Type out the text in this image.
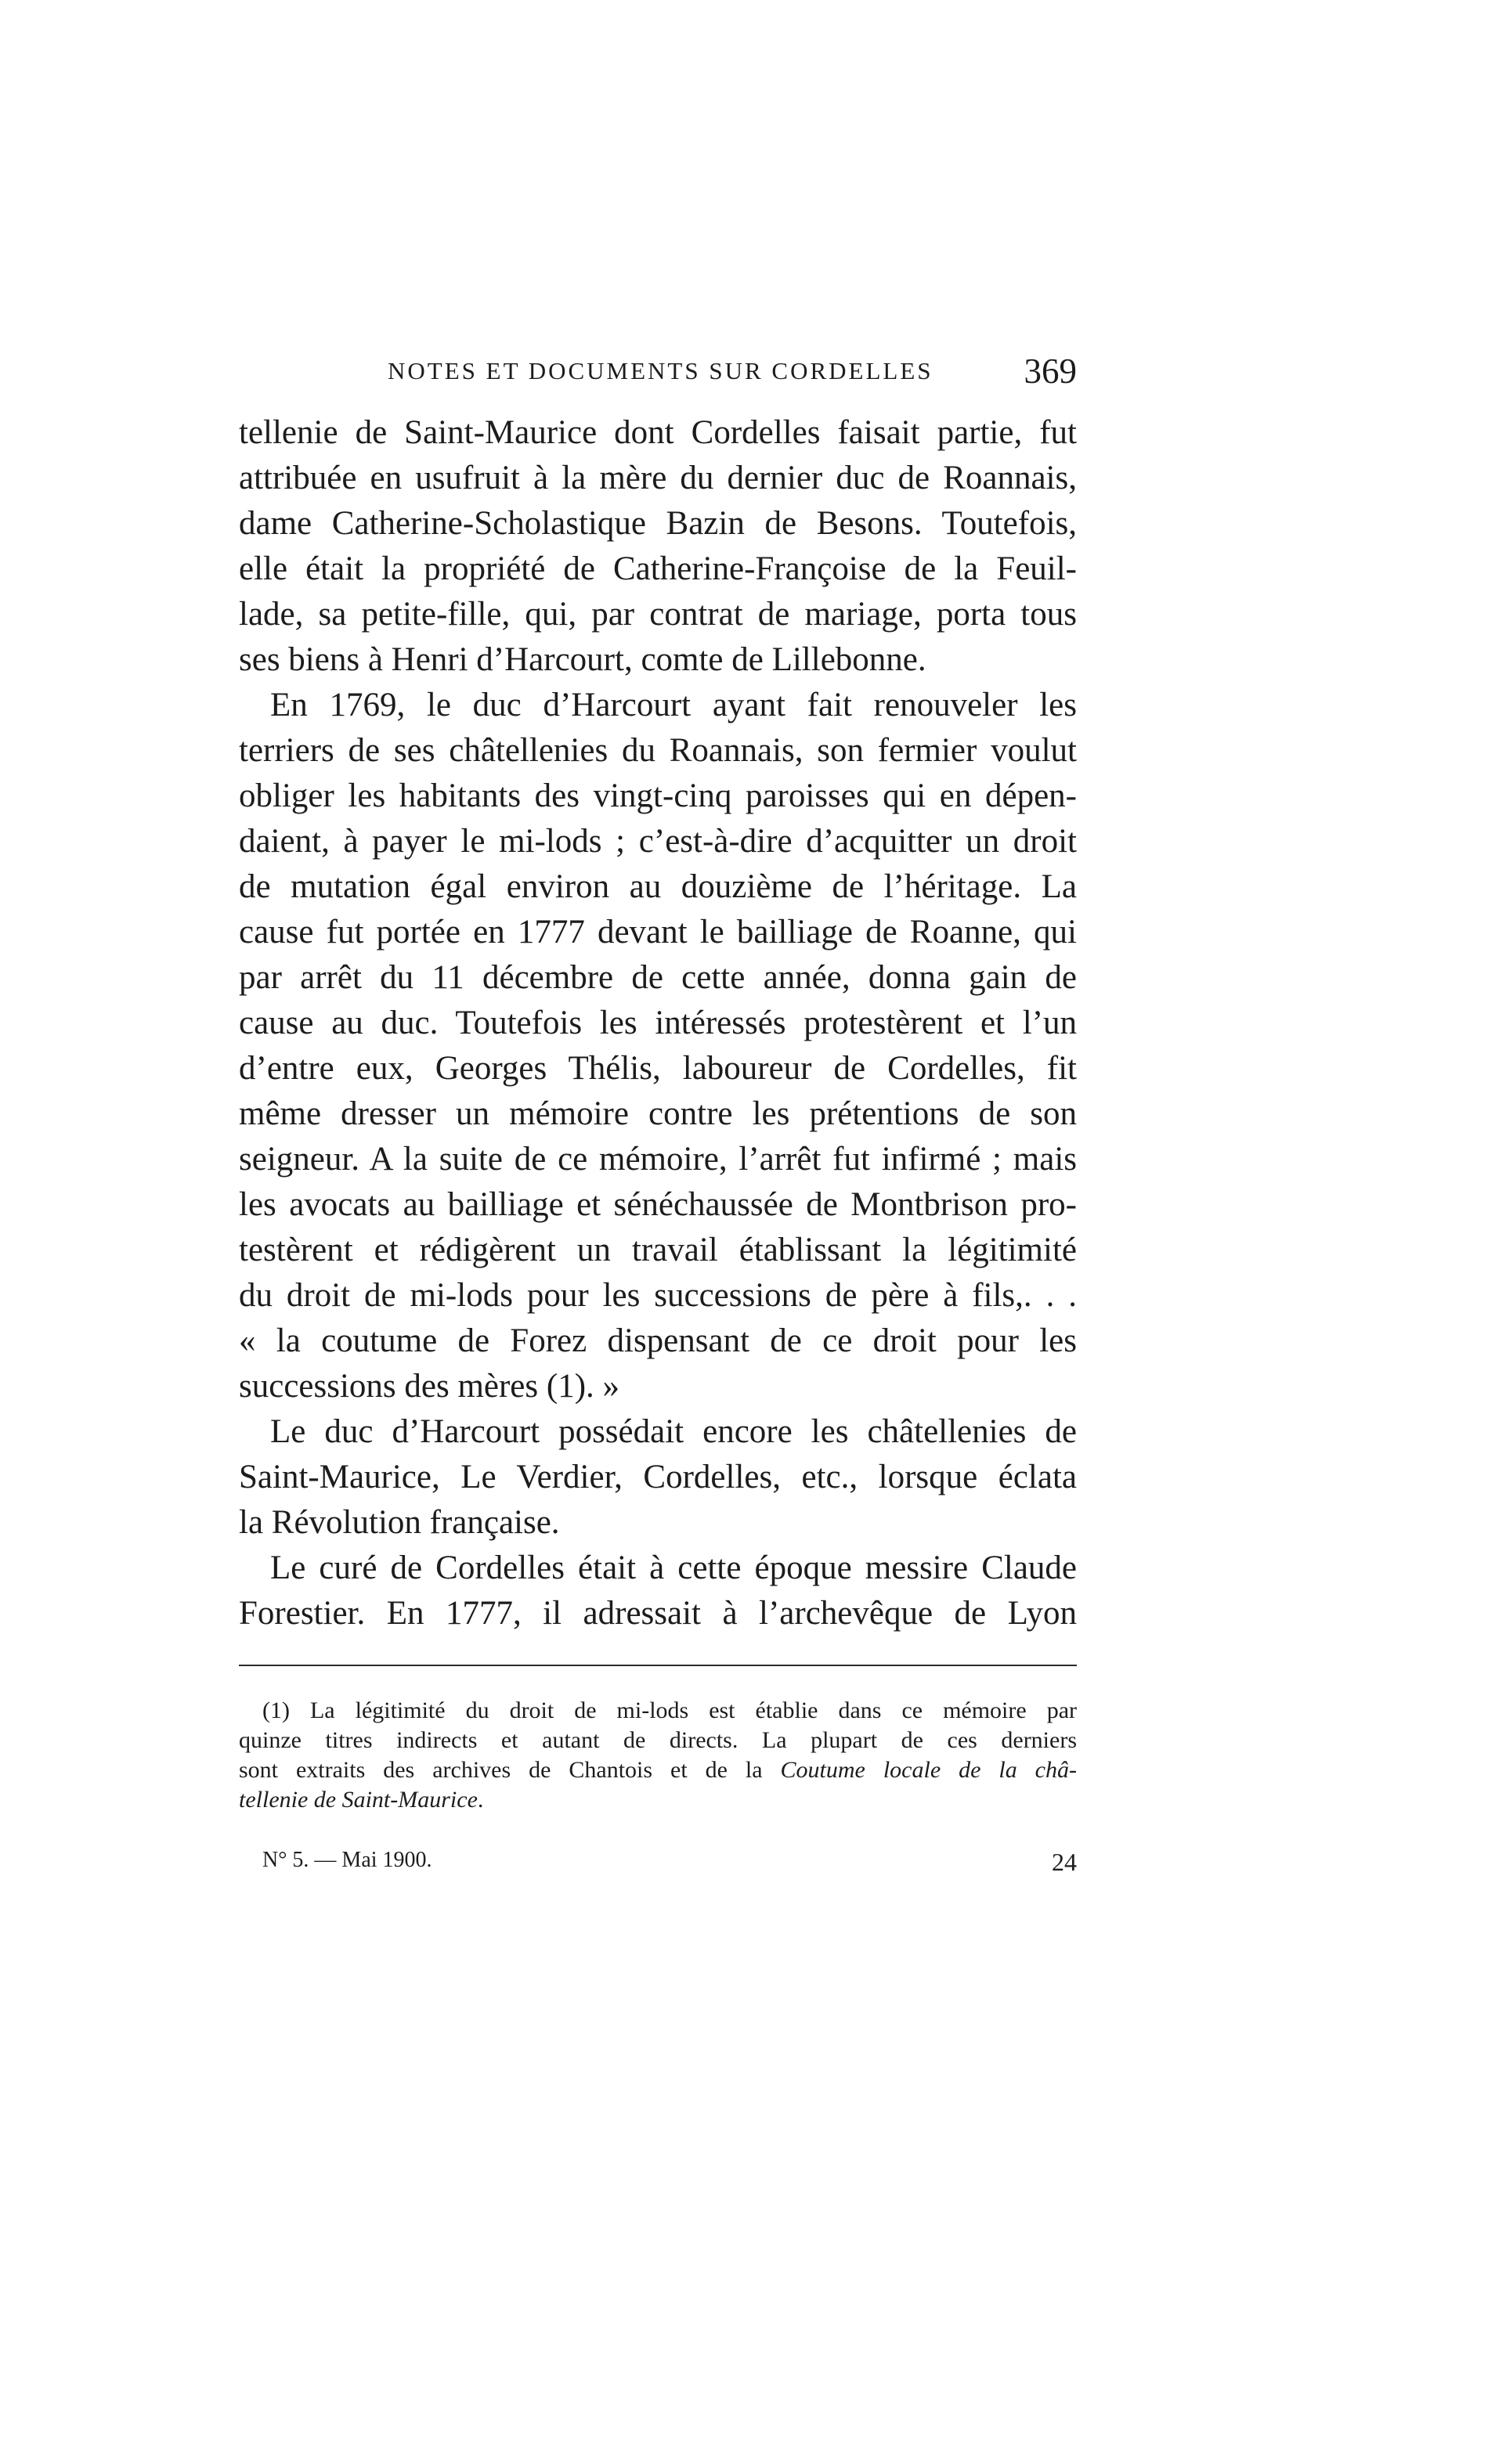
NOTES ET DOCUMENTS SUR CORDELLES	369
tellenie de Saint-Maurice dont Cordelles faisait partie, fut
attribuée en usufruit à la mère du dernier duc de Roannais,
dame Catherine-Scholastique Bazin de Besons. Toutefois,
elle était la propriété de Catherine-Françoise de la Feuil-
lade, sa petite-fille, qui, par contrat de mariage, porta tous
ses biens à Henri d’Harcourt, comte de Lillebonne.
En 1769, le duc d’Harcourt ayant fait renouveler les
terriers de ses châtellenies du Roannais, son fermier voulut
obliger les habitants des vingt-cinq paroisses qui en dépen-
daient, à payer le mi-lods ; c’est-à-dire d’acquitter un droit
de mutation égal environ au douzième de l’héritage. La
cause fut portée en 1777 devant le bailliage de Roanne, qui
par arrêt du 11 décembre de cette année, donna gain de
cause au duc. Toutefois les intéressés protestèrent et l’un
d’entre eux, Georges Thélis, laboureur de Cordelles, fit
même dresser un mémoire contre les prétentions de son
seigneur. A la suite de ce mémoire, l’arrêt fut infirmé ; mais
les avocats au bailliage et sénéchaussée de Montbrison pro-
testèrent et rédigèrent un travail établissant la légitimité
du droit de mi-lods pour les successions de père à fils,. . .
« la coutume de Forez dispensant de ce droit pour les
successions des mères (1). »
Le duc d’Harcourt possédait encore les châtellenies de
Saint-Maurice, Le Verdier, Cordelles, etc., lorsque éclata
la Révolution française.
Le curé de Cordelles était à cette époque messire Claude
Forestier. En 1777, il adressait à l’archevêque de Lyon
(1) La légitimité du droit de mi-lods est établie dans ce mémoire par
quinze titres indirects et autant de directs. La plupart de ces derniers
sont extraits des archives de Chantois et de la Coutume locale de la châ-
tellenie de Saint-Maurice.
N° 5. — Mai 1900.	24
